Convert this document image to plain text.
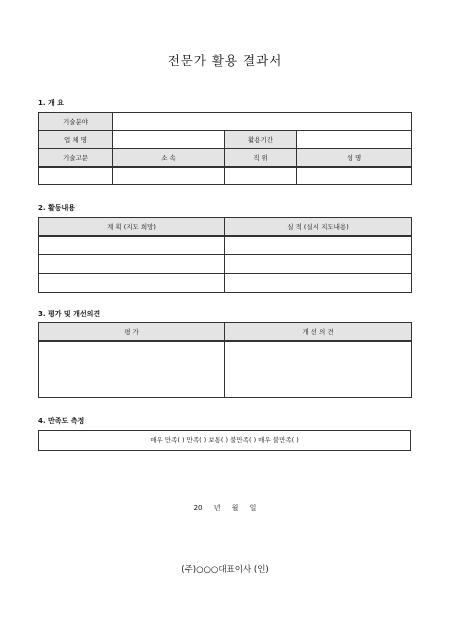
전문가 활용 결과서
1. 개 요
기술분야			
업 체 명		활용기간	
기술고문	소 속	직 위	성 명

2. 활동내용
계 획 (지도 희망)	실 적 (실시 지도내용)

3. 평가 및 개선의견
평 가	개 선 의 견

4. 만족도 측정
매우 만족( ) 만족( ) 보통( ) 불만족( ) 매우 불만족( )
20 년 월 일
(주)○○○대표이사 (인)
